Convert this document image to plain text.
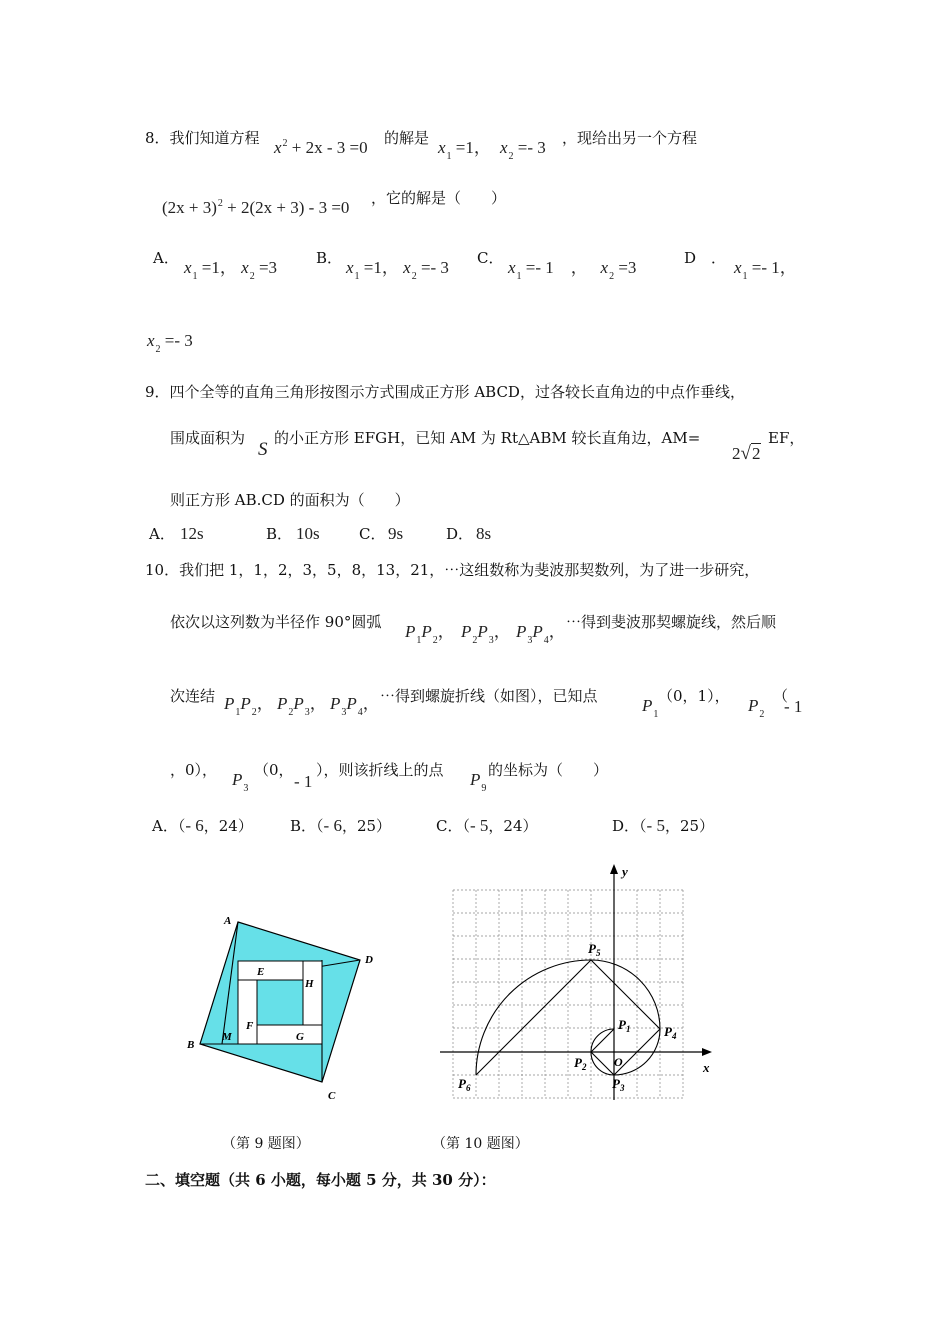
8．我们知道方程 $x^2 + 2x - 3 =0$ 的解是 $x_1 =1$， $x_2 =- 3$ ，现给出另一个方程
$(2x + 3)^2 + 2(2x + 3) - 3 =0$ ，它的解是（　　）
A． $x_1 =1$， $x_2 =3$	B． $x_1 =1$， $x_2 =- 3$ C． $x_1 =- 1$ ， $x_2 =3$	D　． $x_1 =- 1$，
$x_2 =- 3$
9．四个全等的直角三角形按图示方式围成正方形 ABCD，过各较长直角边的中点作垂线，
围成面积为
S
的小正方形 EFGH，已知 AM 为 Rt△ABM 较长直角边，AM=
2√2
EF，
则正方形 AB.CD 的面积为（　　）
A． 12s	B． 10s	C． 9s	D． 8s
10．我们把 1，1，2，3，5，8，13，21，⋯这组数称为斐波那契数列，为了进一步研究，
依次以这列数为半径作 90°圆弧 $P_1P_2$， $P_2P_3$， $P_3P_4$， ⋯得到斐波那契螺旋线，然后顺
次连结 $P_1P_2$， $P_2P_3$， $P_3P_4$， ⋯得到螺旋折线（如图），已知点	$P_1$
（0，1）， $P_2$
（
- 1
，0）， $P_3$
（0，
- 1
），则该折线上的点 $P_9$
的坐标为（　　）
A．（- 6，24） B．（- 6，25）	C．（- 5，24）	D．（- 5，25）
A
D
B
C
E
H
F
G
M
（第 9 题图）
y
x
O
$P_5$
$P_1$	$P_4$
$P_2$
$P_3$
$P_6$
（第 10 题图）
二、填空题（共 6 小题，每小题 5 分，共 30 分）：
